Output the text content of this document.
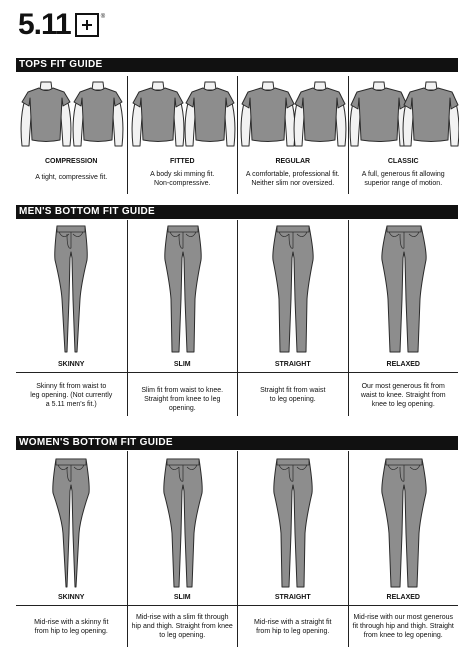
5.11	®
TOPS FIT GUIDE
COMPRESSION
A tight, compressive fit.
FITTED
A body ski mming fit.
Non-compressive.
REGULAR
A comfortable, professional fit.
Neither slim nor oversized.
CLASSIC
A full, generous fit allowing
superior range of motion.
MEN'S BOTTOM FIT GUIDE
SKINNY
Skinny fit from waist to
leg opening. (Not currently
a 5.11 men's fit.)
SLIM
Slim fit from waist to knee.
Straight from knee to leg opening.
STRAIGHT
Straight fit from waist
to leg opening.
RELAXED
Our most generous fit from
waist to knee. Straight from
knee to leg opening.
WOMEN'S BOTTOM FIT GUIDE
SKINNY
Mid-rise with a skinny fit
from hip to leg opening.
SLIM
Mid-rise with a slim fit through
hip and thigh. Straight from knee
to leg opening.
STRAIGHT
Mid-rise with a straight fit
from hip to leg opening.
RELAXED
Mid-rise with our most generous
fit through hip and thigh. Straight
from knee to leg opening.
